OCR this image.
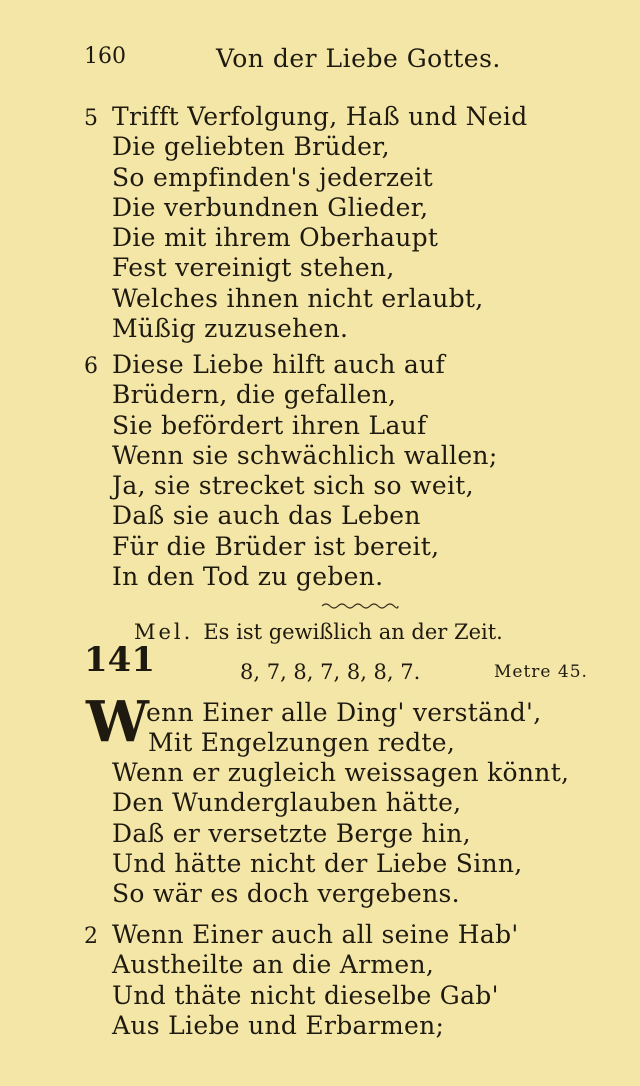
160	Von der Liebe Gottes.
5 Trifft Verfolgung, Haß und Neid
Die geliebten Brüder,
So empfinden's jederzeit
Die verbundnen Glieder,
Die mit ihrem Oberhaupt
Fest vereinigt stehen,
Welches ihnen nicht erlaubt,
Müßig zuzusehen.
6 Diese Liebe hilft auch auf
Brüdern, die gefallen,
Sie befördert ihren Lauf
Wenn sie schwächlich wallen;
Ja, sie strecket sich so weit,
Daß sie auch das Leben
Für die Brüder ist bereit,
In den Tod zu geben.
Mel. Es ist gewißlich an der Zeit.
141	8, 7, 8, 7, 8, 8, 7.	Metre 45.
W
enn Einer alle Ding' verständ',
Mit Engelzungen redte,
Wenn er zugleich weissagen könnt,
Den Wunderglauben hätte,
Daß er versetzte Berge hin,
Und hätte nicht der Liebe Sinn,
So wär es doch vergebens.
2 Wenn Einer auch all seine Hab'
Austheilte an die Armen,
Und thäte nicht dieselbe Gab'
Aus Liebe und Erbarmen;
